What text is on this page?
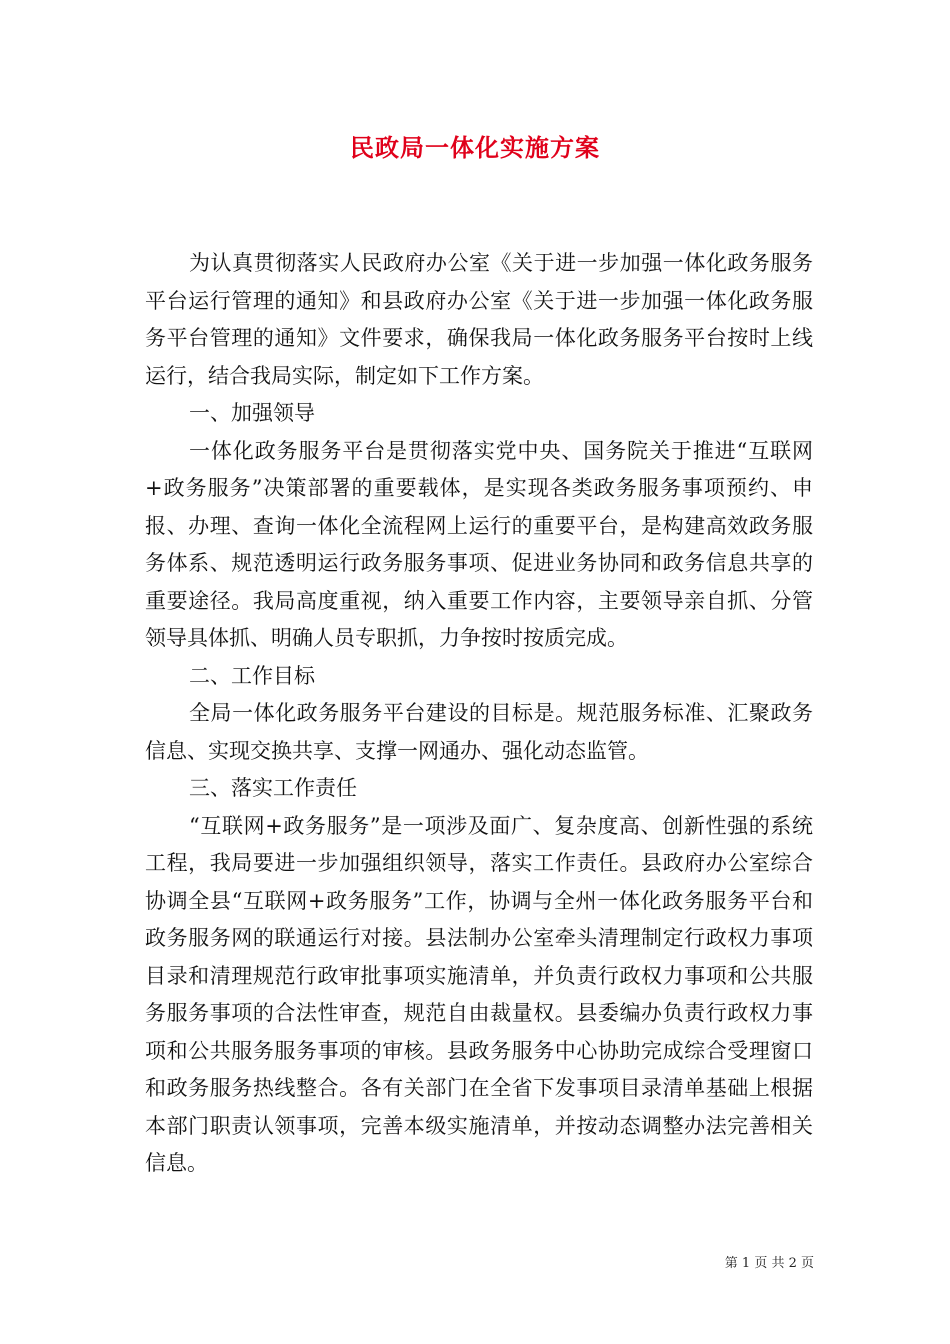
民政局一体化实施方案

为认真贯彻落实人民政府办公室《关于进一步加强一体化政务服务平台运行管理的通知》和县政府办公室《关于进一步加强一体化政务服务平台管理的通知》文件要求，确保我局一体化政务服务平台按时上线运行，结合我局实际，制定如下工作方案。

一、加强领导

一体化政务服务平台是贯彻落实党中央、国务院关于推进“互联网+政务服务”决策部署的重要载体，是实现各类政务服务事项预约、申报、办理、查询一体化全流程网上运行的重要平台，是构建高效政务服务体系、规范透明运行政务服务事项、促进业务协同和政务信息共享的重要途径。我局高度重视，纳入重要工作内容，主要领导亲自抓、分管领导具体抓、明确人员专职抓，力争按时按质完成。

二、工作目标

全局一体化政务服务平台建设的目标是。规范服务标准、汇聚政务信息、实现交换共享、支撑一网通办、强化动态监管。

三、落实工作责任

“互联网+政务服务”是一项涉及面广、复杂度高、创新性强的系统工程，我局要进一步加强组织领导，落实工作责任。县政府办公室综合协调全县“互联网+政务服务”工作，协调与全州一体化政务服务平台和政务服务网的联通运行对接。县法制办公室牵头清理制定行政权力事项目录和清理规范行政审批事项实施清单，并负责行政权力事项和公共服务服务事项的合法性审查，规范自由裁量权。县委编办负责行政权力事项和公共服务服务事项的审核。县政务服务中心协助完成综合受理窗口和政务服务热线整合。各有关部门在全省下发事项目录清单基础上根据本部门职责认领事项，完善本级实施清单，并按动态调整办法完善相关信息。

第 1 页 共 2 页
